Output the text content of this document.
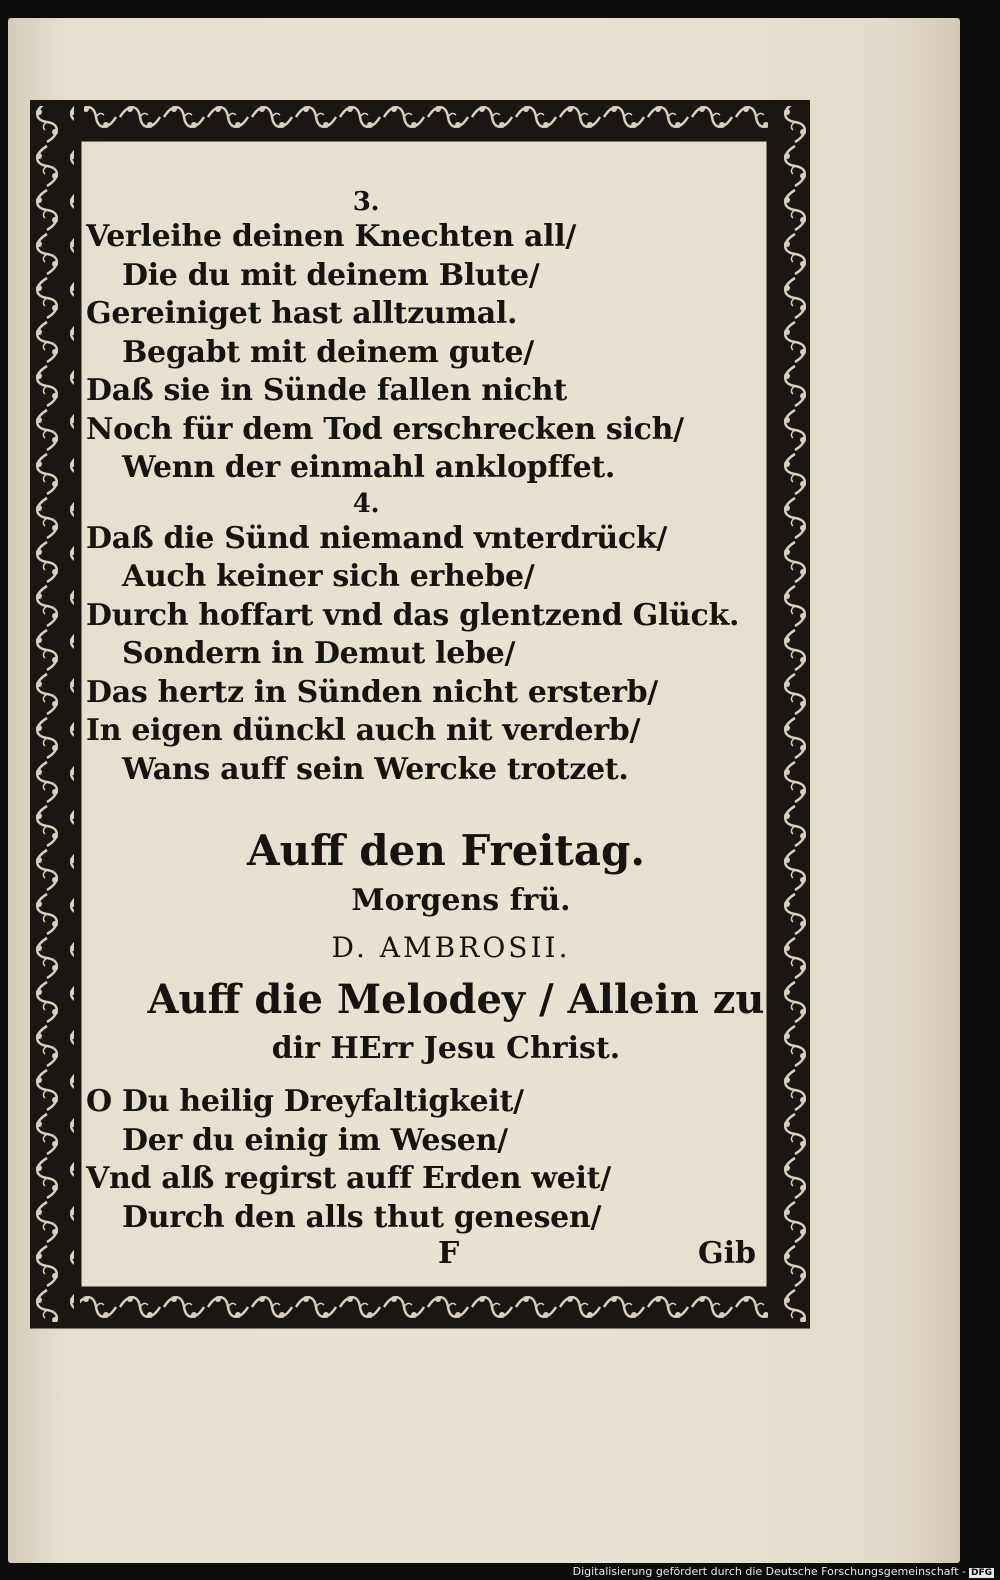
3.
Verleihe deinen Knechten all/
Die du mit deinem Blute/
Gereiniget hast alltzumal.
Begabt mit deinem gute/
Daß sie in Sünde fallen nicht
Noch für dem Tod erschrecken sich/
Wenn der einmahl anklopffet.
4.
Daß die Sünd niemand vnterdrück/
Auch keiner sich erhebe/
Durch hoffart vnd das glentzend Glück.
Sondern in Demut lebe/
Das hertz in Sünden nicht ersterb/
In eigen dünckl auch nit verderb/
Wans auff sein Wercke trotzet.
Auff den Freitag.
Morgens frü.
D. AMBROSII.
Auff die Melodey / Allein zu
dir HErr Jesu Christ.
O Du heilig Dreyfaltigkeit/
Der du einig im Wesen/
Vnd alß regirst auff Erden weit/
Durch den alls thut genesen/
F	Gib
Digitalisierung gefördert durch die Deutsche Forschungsgemeinschaft - DFG
